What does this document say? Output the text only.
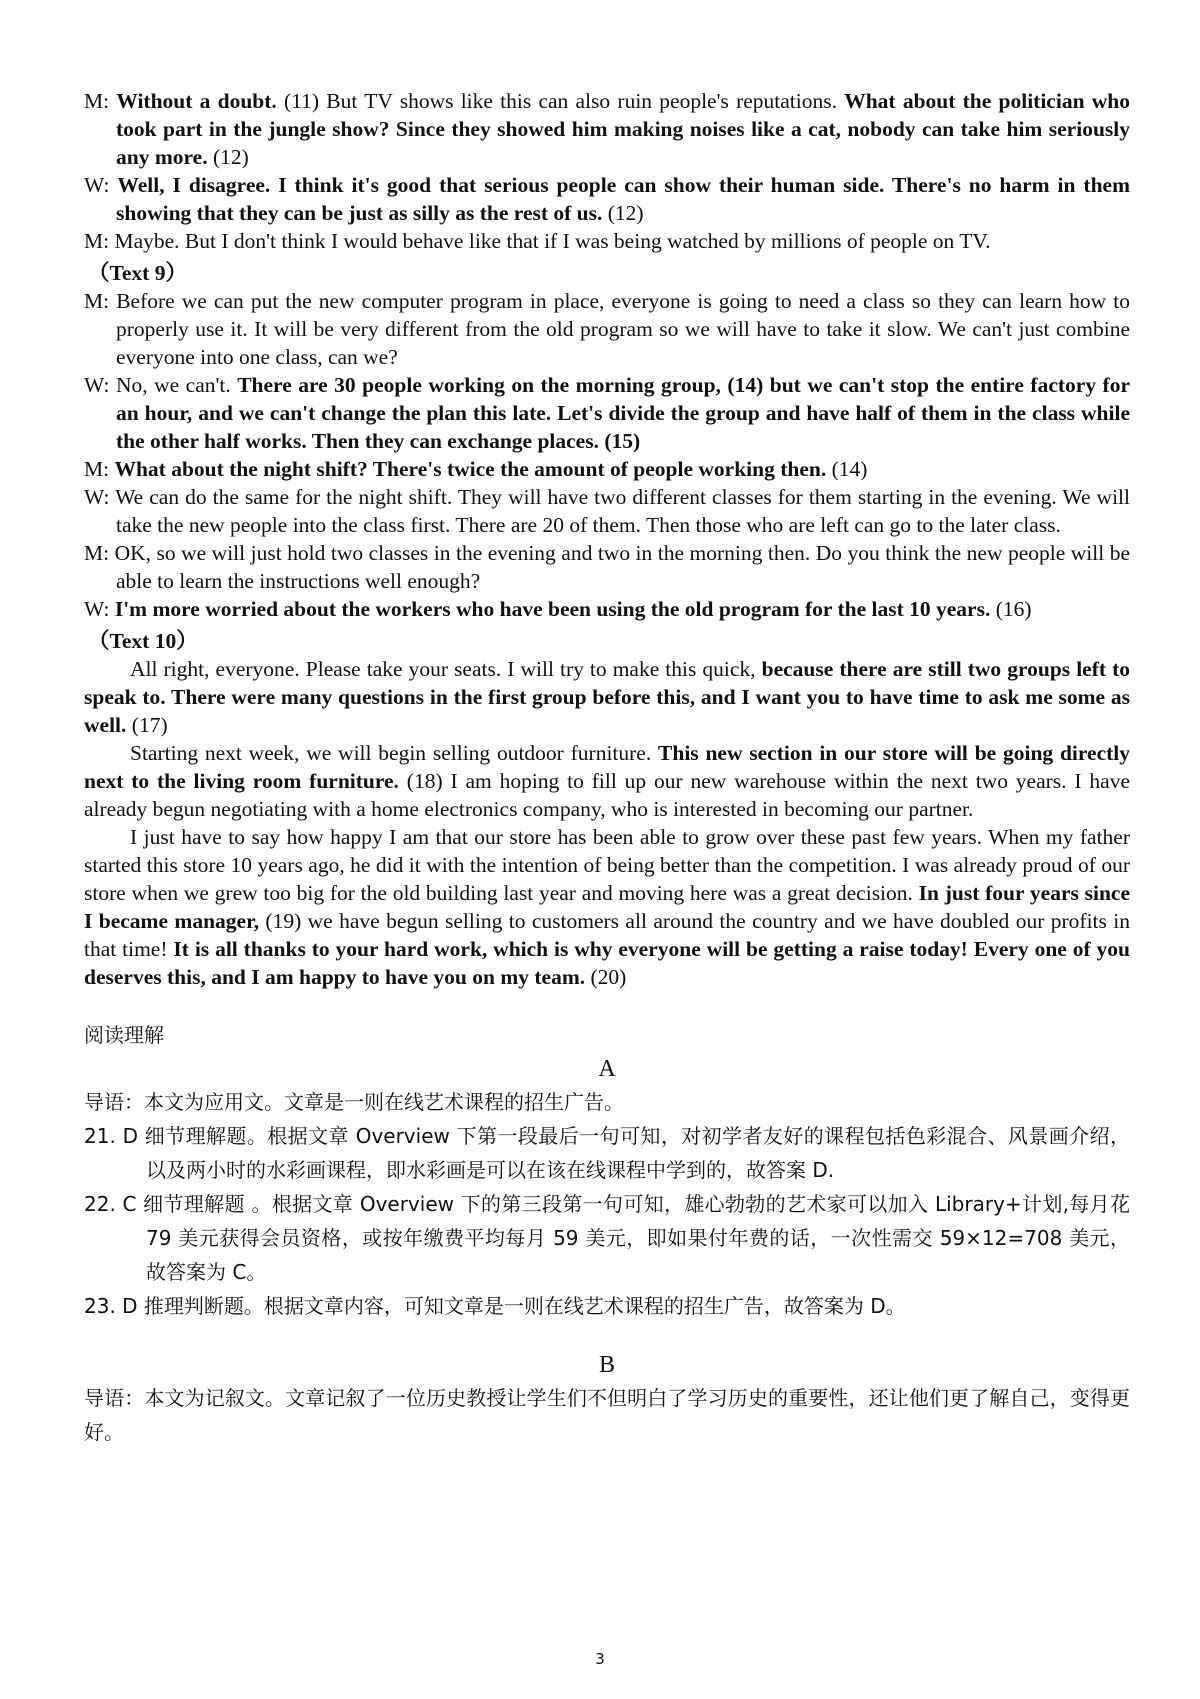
M: Without a doubt. (11) But TV shows like this can also ruin people's reputations. What about the politician who took part in the jungle show? Since they showed him making noises like a cat, nobody can take him seriously any more. (12)

W: Well, I disagree. I think it's good that serious people can show their human side. There's no harm in them showing that they can be just as silly as the rest of us. (12)

M: Maybe. But I don't think I would behave like that if I was being watched by millions of people on TV.

（Text 9）

M: Before we can put the new computer program in place, everyone is going to need a class so they can learn how to properly use it. It will be very different from the old program so we will have to take it slow. We can't just combine everyone into one class, can we?

W: No, we can't. There are 30 people working on the morning group, (14) but we can't stop the entire factory for an hour, and we can't change the plan this late. Let's divide the group and have half of them in the class while the other half works. Then they can exchange places. (15)

M: What about the night shift? There's twice the amount of people working then. (14)

W: We can do the same for the night shift. They will have two different classes for them starting in the evening. We will take the new people into the class first. There are 20 of them. Then those who are left can go to the later class.

M: OK, so we will just hold two classes in the evening and two in the morning then. Do you think the new people will be able to learn the instructions well enough?

W: I'm more worried about the workers who have been using the old program for the last 10 years. (16)

（Text 10）

All right, everyone. Please take your seats. I will try to make this quick, because there are still two groups left to speak to. There were many questions in the first group before this, and I want you to have time to ask me some as well. (17)

Starting next week, we will begin selling outdoor furniture. This new section in our store will be going directly next to the living room furniture. (18) I am hoping to fill up our new warehouse within the next two years. I have already begun negotiating with a home electronics company, who is interested in becoming our partner.

I just have to say how happy I am that our store has been able to grow over these past few years. When my father started this store 10 years ago, he did it with the intention of being better than the competition. I was already proud of our store when we grew too big for the old building last year and moving here was a great decision. In just four years since I became manager, (19) we have begun selling to customers all around the country and we have doubled our profits in that time! It is all thanks to your hard work, which is why everyone will be getting a raise today! Every one of you deserves this, and I am happy to have you on my team. (20)

阅读理解
A

导语：本文为应用文。文章是一则在线艺术课程的招生广告。

21. D 细节理解题。根据文章 Overview 下第一段最后一句可知，对初学者友好的课程包括色彩混合、风景画介绍，以及两小时的水彩画课程，即水彩画是可以在该在线课程中学到的，故答案 D.

22. C 细节理解题 。根据文章 Overview 下的第三段第一句可知，雄心勃勃的艺术家可以加入 Library+计划,每月花 79 美元获得会员资格，或按年缴费平均每月 59 美元，即如果付年费的话，一次性需交 59×12=708 美元，故答案为 C。

23. D 推理判断题。根据文章内容，可知文章是一则在线艺术课程的招生广告，故答案为 D。

B

导语：本文为记叙文。文章记叙了一位历史教授让学生们不但明白了学习历史的重要性，还让他们更了解自己，变得更好。

3
